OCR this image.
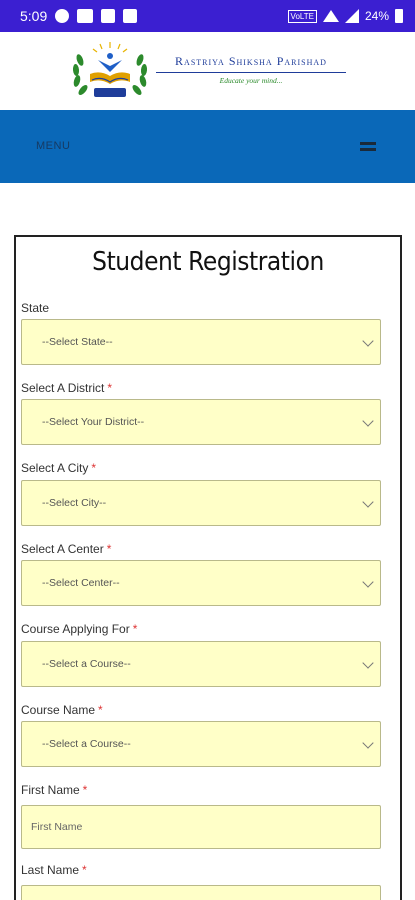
5:09	VoLTE	24%
Rastriya Shiksha Parishad
Educate your mind...
MENU
Student Registration
State
--Select State--
Select A District *
--Select Your District--
Select A City *
--Select City--
Select A Center *
--Select Center--
Course Applying For *
--Select a Course--
Course Name *
--Select a Course--
First Name *
First Name
Last Name *
